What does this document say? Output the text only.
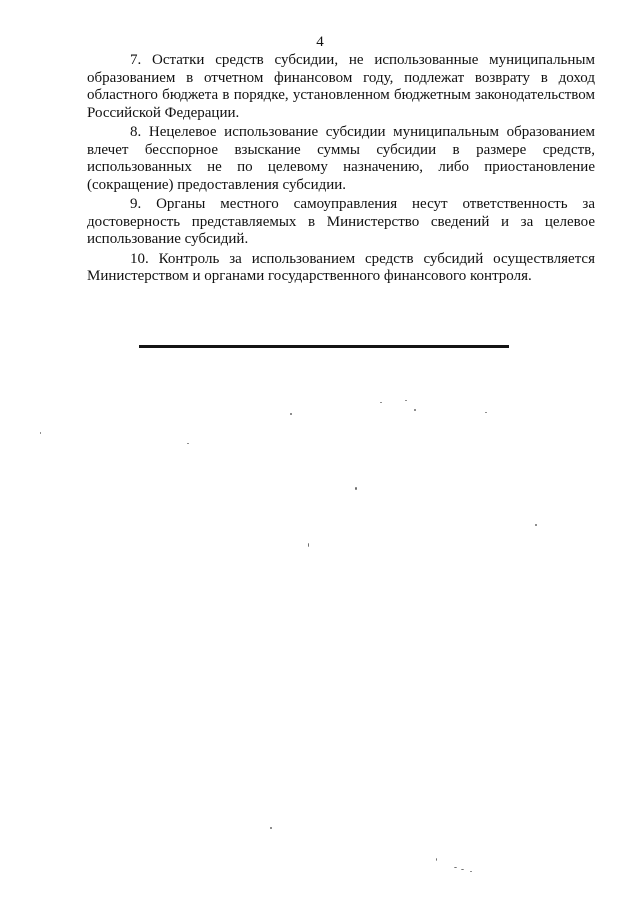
4

7. Остатки средств субсидии, не использованные муниципальным образованием в отчетном финансовом году, подлежат возврату в доход областного бюджета в порядке, установленном бюджетным законодательством Российской Федерации.

8. Нецелевое использование субсидии муниципальным образованием влечет бесспорное взыскание суммы субсидии в размере средств, использованных не по целевому назначению, либо приостановление (сокращение) предоставления субсидии.

9. Органы местного самоуправления несут ответственность за достоверность представляемых в Министерство сведений и за целевое использование субсидий.

10. Контроль за использованием средств субсидий осуществляется Министерством и органами государственного финансового контроля.
